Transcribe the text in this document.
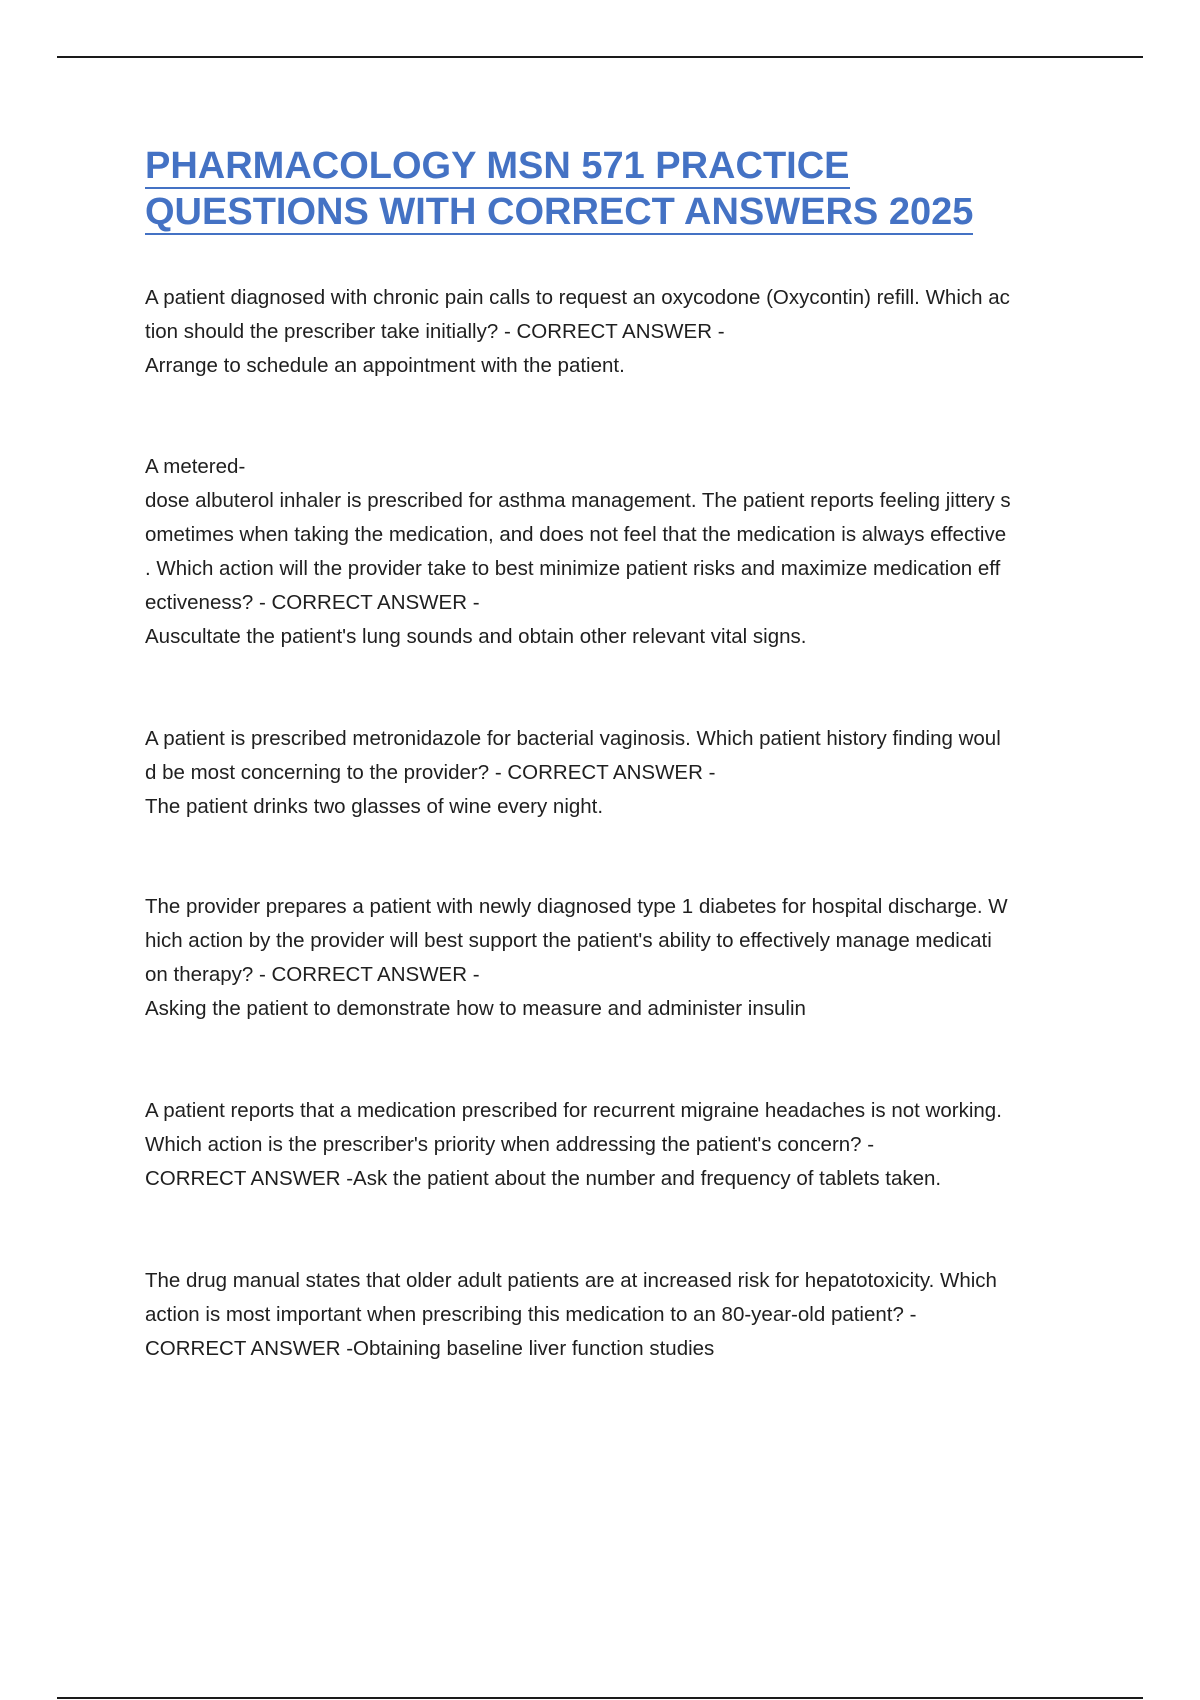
PHARMACOLOGY MSN 571 PRACTICE
QUESTIONS WITH CORRECT ANSWERS 2025
A patient diagnosed with chronic pain calls to request an oxycodone (Oxycontin) refill. Which ac
tion should the prescriber take initially? - CORRECT ANSWER -
Arrange to schedule an appointment with the patient.
A metered-
dose albuterol inhaler is prescribed for asthma management. The patient reports feeling jittery s
ometimes when taking the medication, and does not feel that the medication is always effective
. Which action will the provider take to best minimize patient risks and maximize medication eff
ectiveness? - CORRECT ANSWER -
Auscultate the patient's lung sounds and obtain other relevant vital signs.
A patient is prescribed metronidazole for bacterial vaginosis. Which patient history finding woul
d be most concerning to the provider? - CORRECT ANSWER -
The patient drinks two glasses of wine every night.
The provider prepares a patient with newly diagnosed type 1 diabetes for hospital discharge. W
hich action by the provider will best support the patient's ability to effectively manage medicati
on therapy? - CORRECT ANSWER -
Asking the patient to demonstrate how to measure and administer insulin
A patient reports that a medication prescribed for recurrent migraine headaches is not working.
Which action is the prescriber's priority when addressing the patient's concern? -
CORRECT ANSWER -Ask the patient about the number and frequency of tablets taken.
The drug manual states that older adult patients are at increased risk for hepatotoxicity. Which
action is most important when prescribing this medication to an 80-year-old patient? -
CORRECT ANSWER -Obtaining baseline liver function studies
